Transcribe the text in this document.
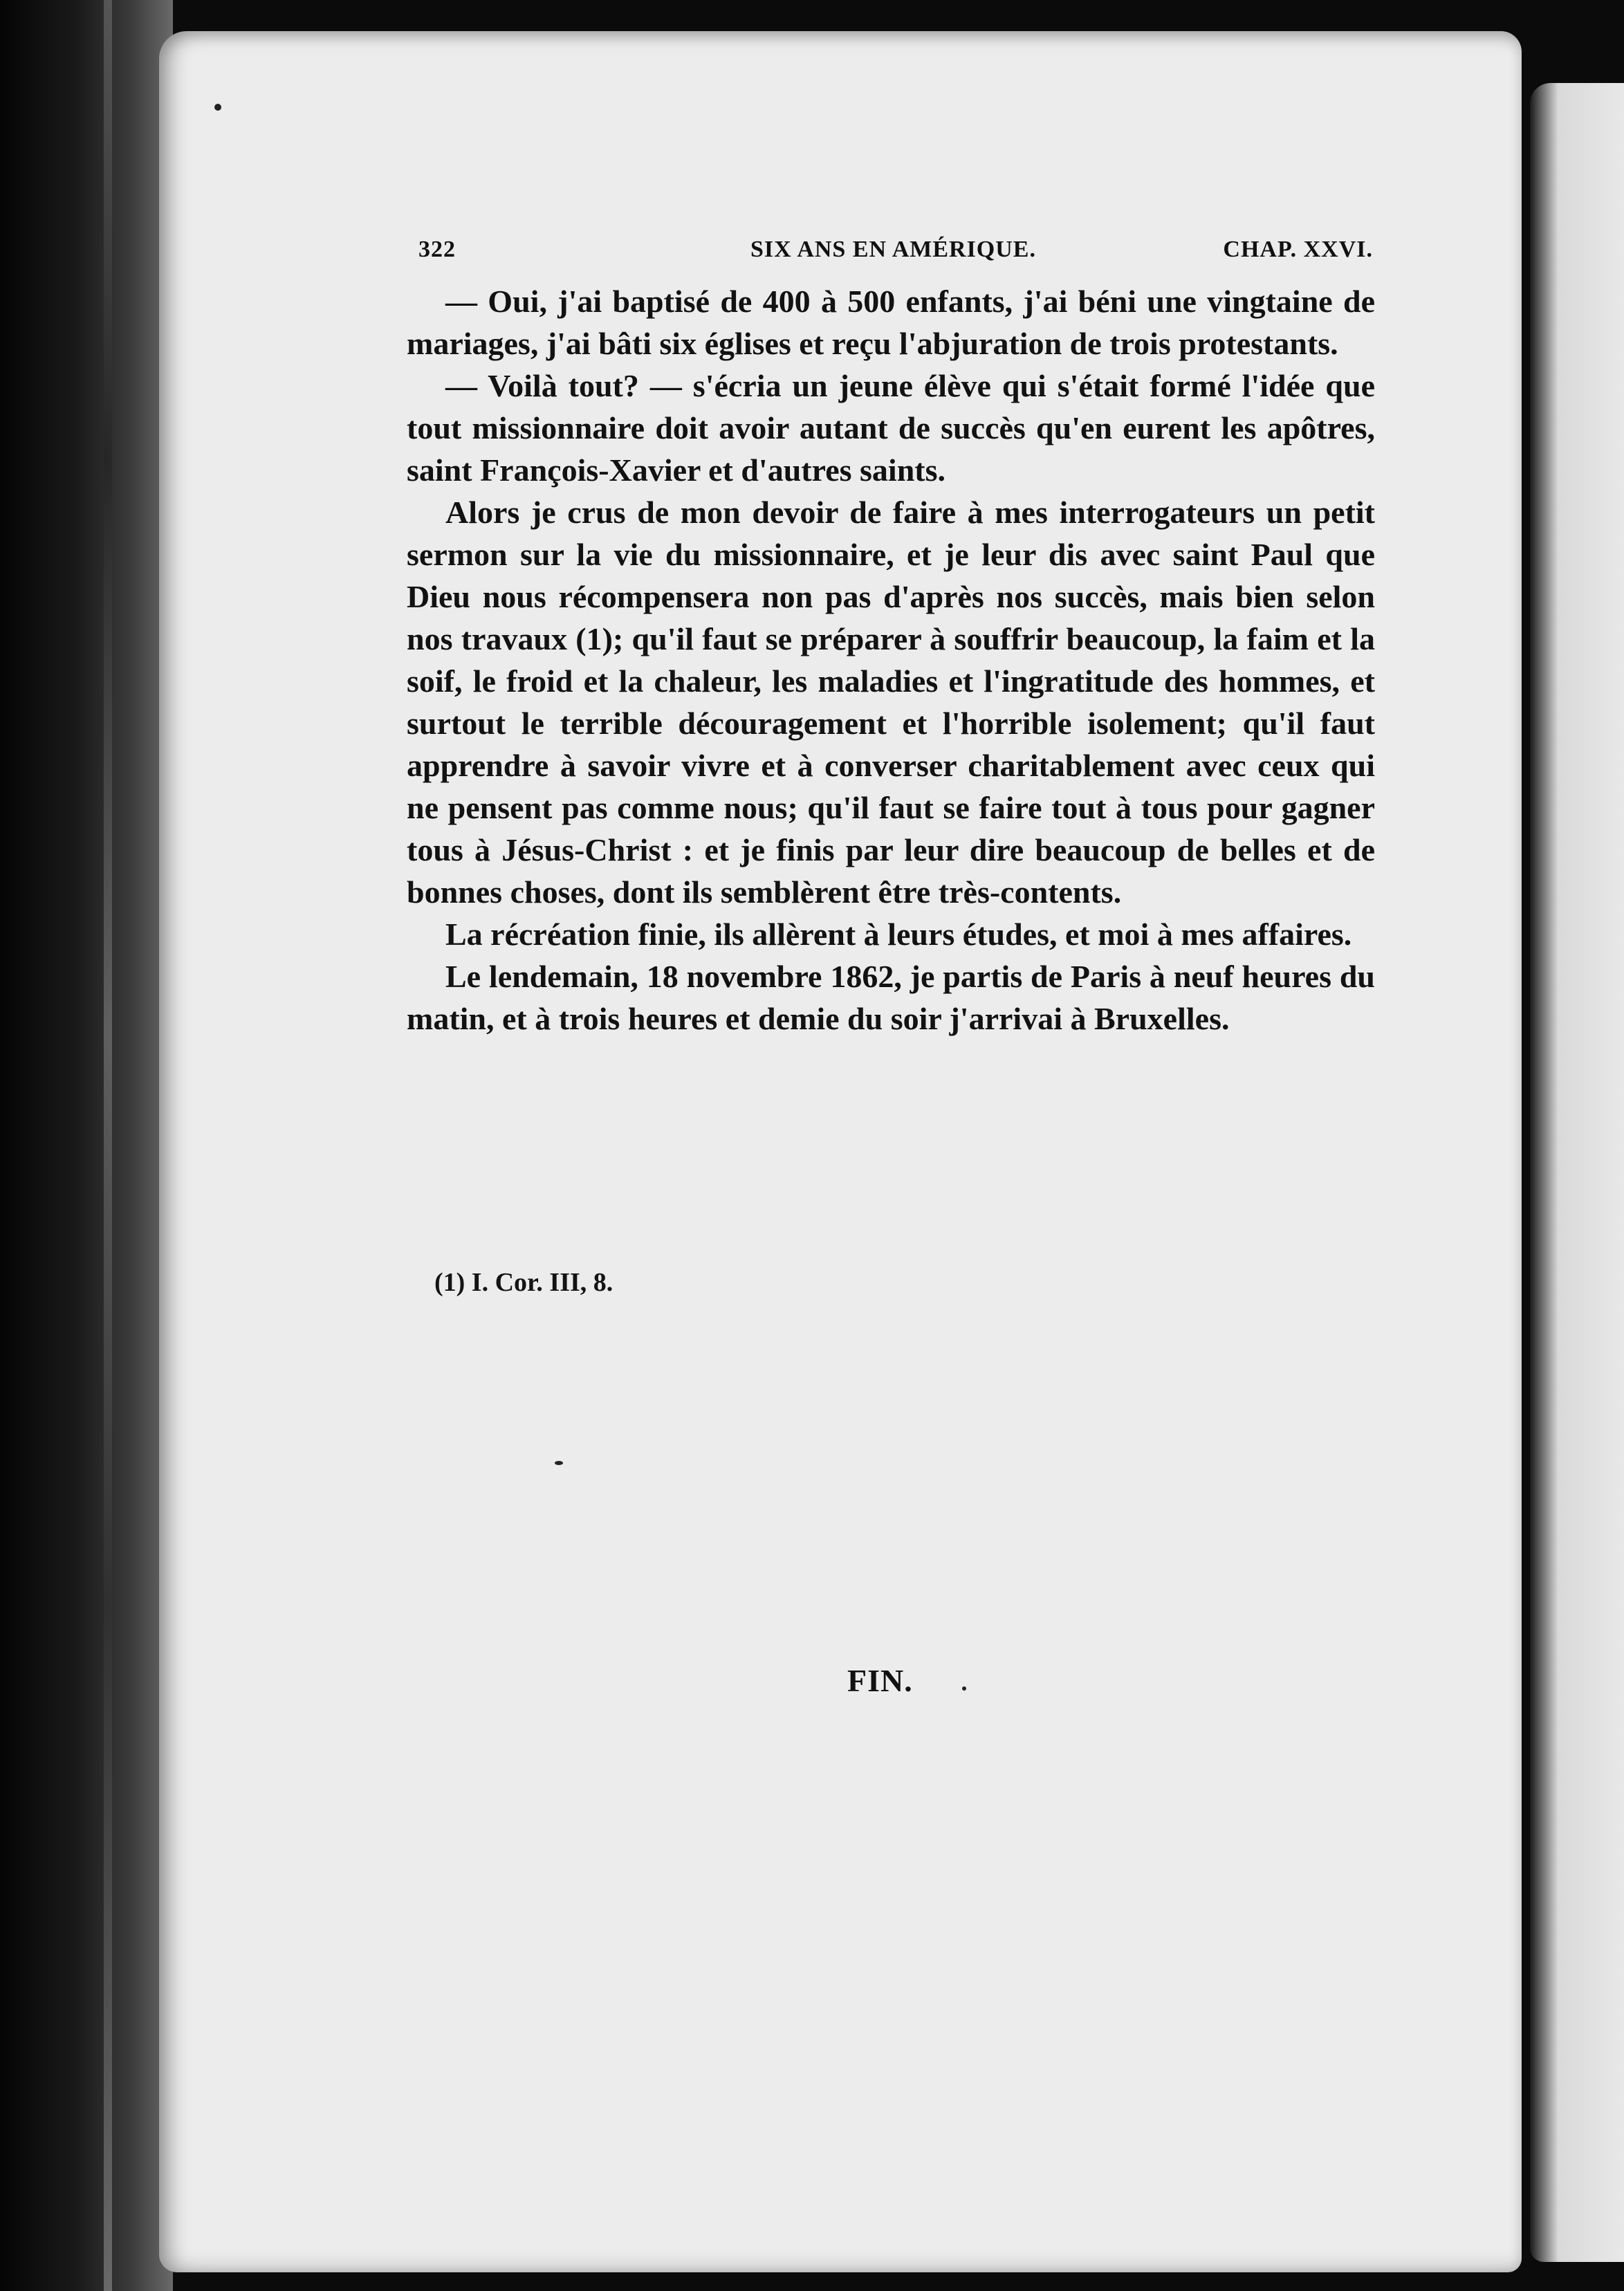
322	SIX ANS EN AMÉRIQUE.	CHAP. XXVI.

— Oui, j'ai baptisé de 400 à 500 enfants, j'ai béni une vingtaine de mariages, j'ai bâti six églises et reçu l'abjuration de trois protestants.

— Voilà tout? — s'écria un jeune élève qui s'était formé l'idée que tout missionnaire doit avoir autant de succès qu'en eurent les apôtres, saint François-Xavier et d'autres saints.

Alors je crus de mon devoir de faire à mes interrogateurs un petit sermon sur la vie du missionnaire, et je leur dis avec saint Paul que Dieu nous récompensera non pas d'après nos succès, mais bien selon nos travaux (1); qu'il faut se préparer à souffrir beaucoup, la faim et la soif, le froid et la chaleur, les maladies et l'ingratitude des hommes, et surtout le terrible découragement et l'horrible isolement; qu'il faut apprendre à savoir vivre et à converser charitablement avec ceux qui ne pensent pas comme nous; qu'il faut se faire tout à tous pour gagner tous à Jésus-Christ : et je finis par leur dire beaucoup de belles et de bonnes choses, dont ils semblèrent être très-contents.

La récréation finie, ils allèrent à leurs études, et moi à mes affaires.

Le lendemain, 18 novembre 1862, je partis de Paris à neuf heures du matin, et à trois heures et demie du soir j'arrivai à Bruxelles.

(1) I. Cor. III, 8.
FIN.
